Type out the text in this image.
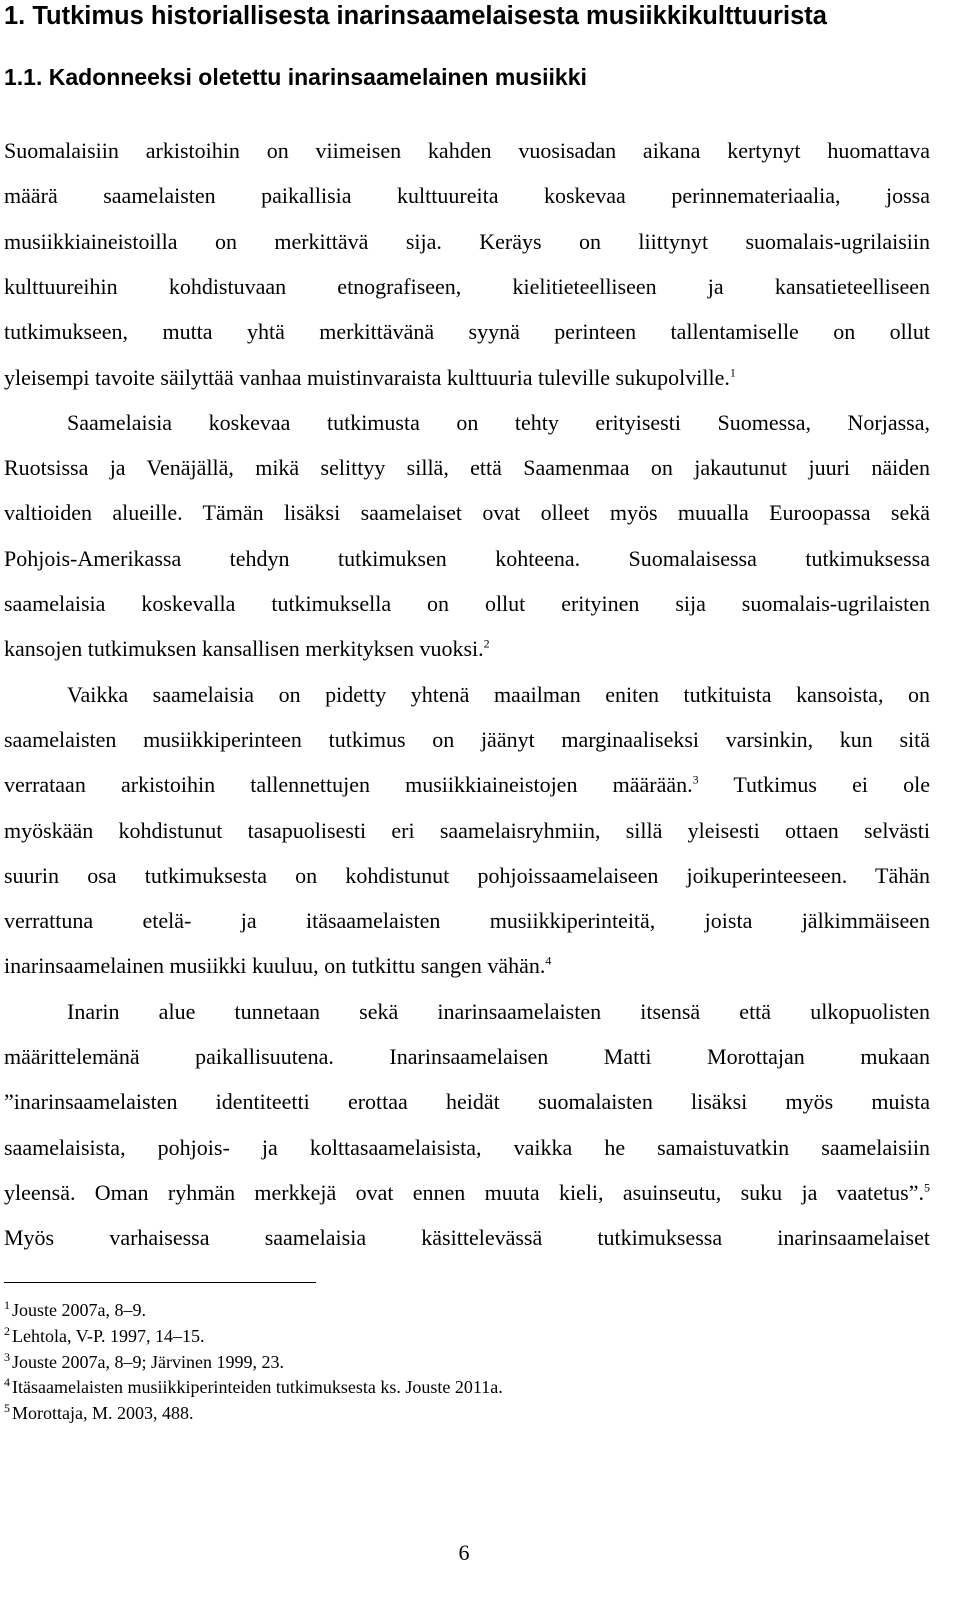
1. Tutkimus historiallisesta inarinsaamelaisesta musiikkikulttuurista
1.1. Kadonneeksi oletettu inarinsaamelainen musiikki
Suomalaisiin arkistoihin on viimeisen kahden vuosisadan aikana kertynyt huomattava
määrä saamelaisten paikallisia kulttuureita koskevaa perinnemateriaalia, jossa
musiikkiaineistoilla on merkittävä sija. Keräys on liittynyt suomalais-ugrilaisiin
kulttuureihin kohdistuvaan etnografiseen, kielitieteelliseen ja kansatieteelliseen
tutkimukseen, mutta yhtä merkittävänä syynä perinteen tallentamiselle on ollut
yleisempi tavoite säilyttää vanhaa muistinvaraista kulttuuria tuleville sukupolville.$^1$
Saamelaisia koskevaa tutkimusta on tehty erityisesti Suomessa, Norjassa,
Ruotsissa ja Venäjällä, mikä selittyy sillä, että Saamenmaa on jakautunut juuri näiden
valtioiden alueille. Tämän lisäksi saamelaiset ovat olleet myös muualla Euroopassa sekä
Pohjois-Amerikassa tehdyn tutkimuksen kohteena. Suomalaisessa tutkimuksessa
saamelaisia koskevalla tutkimuksella on ollut erityinen sija suomalais-ugrilaisten
kansojen tutkimuksen kansallisen merkityksen vuoksi.$^2$
Vaikka saamelaisia on pidetty yhtenä maailman eniten tutkituista kansoista, on
saamelaisten musiikkiperinteen tutkimus on jäänyt marginaaliseksi varsinkin, kun sitä
verrataan arkistoihin tallennettujen musiikkiaineistojen määrään.$^3$ Tutkimus ei ole
myöskään kohdistunut tasapuolisesti eri saamelaisryhmiin, sillä yleisesti ottaen selvästi
suurin osa tutkimuksesta on kohdistunut pohjoissaamelaiseen joikuperinteeseen. Tähän
verrattuna etelä- ja itäsaamelaisten musiikkiperinteitä, joista jälkimmäiseen
inarinsaamelainen musiikki kuuluu, on tutkittu sangen vähän.$^4$
Inarin alue tunnetaan sekä inarinsaamelaisten itsensä että ulkopuolisten
määrittelemänä paikallisuutena. Inarinsaamelaisen Matti Morottajan mukaan
”inarinsaamelaisten identiteetti erottaa heidät suomalaisten lisäksi myös muista
saamelaisista, pohjois- ja kolttasaamelaisista, vaikka he samaistuvatkin saamelaisiin
yleensä. Oman ryhmän merkkejä ovat ennen muuta kieli, asuinseutu, suku ja vaatetus”.$^5$
Myös varhaisessa saamelaisia käsittelevässä tutkimuksessa inarinsaamelaiset
$^1$ Jouste 2007a, 8–9.
$^2$ Lehtola, V-P. 1997, 14–15.
$^3$ Jouste 2007a, 8–9; Järvinen 1999, 23.
$^4$ Itäsaamelaisten musiikkiperinteiden tutkimuksesta ks. Jouste 2011a.
$^5$ Morottaja, M. 2003, 488.
6
